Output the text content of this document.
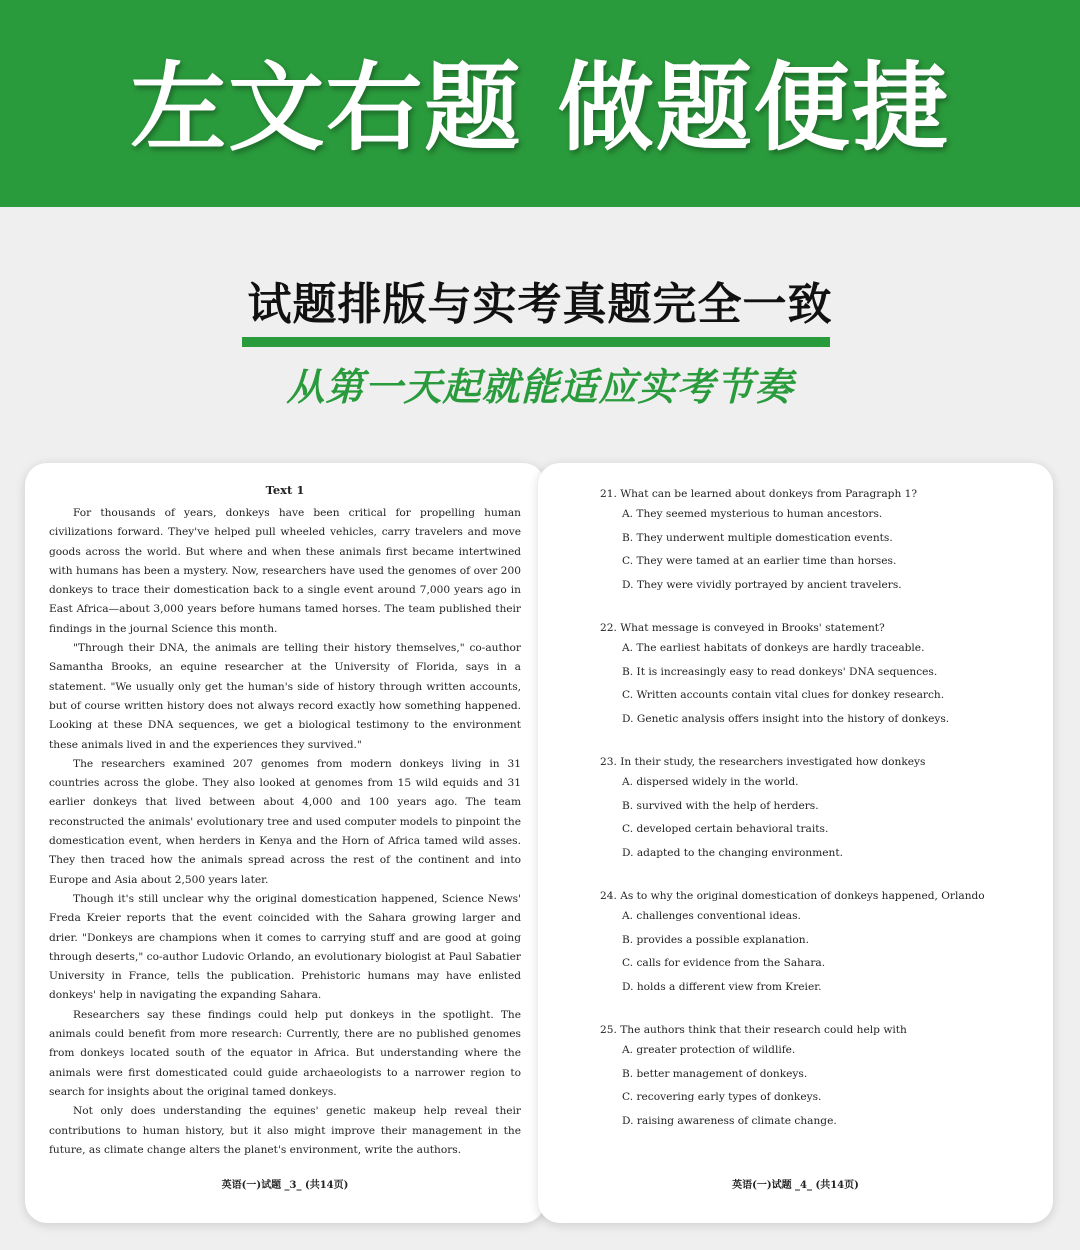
左文右题 做题便捷
试题排版与实考真题完全一致
从第一天起就能适应实考节奏
Text 1

For thousands of years, donkeys have been critical for propelling human civilizations forward. They've helped pull wheeled vehicles, carry travelers and move goods across the world. But where and when these animals first became intertwined with humans has been a mystery. Now, researchers have used the genomes of over 200 donkeys to trace their domestication back to a single event around 7,000 years ago in East Africa—about 3,000 years before humans tamed horses. The team published their findings in the journal Science this month.

"Through their DNA, the animals are telling their history themselves," co-author Samantha Brooks, an equine researcher at the University of Florida, says in a statement. "We usually only get the human's side of history through written accounts, but of course written history does not always record exactly how something happened. Looking at these DNA sequences, we get a biological testimony to the environment these animals lived in and the experiences they survived."

The researchers examined 207 genomes from modern donkeys living in 31 countries across the globe. They also looked at genomes from 15 wild equids and 31 earlier donkeys that lived between about 4,000 and 100 years ago. The team reconstructed the animals' evolutionary tree and used computer models to pinpoint the domestication event, when herders in Kenya and the Horn of Africa tamed wild asses. They then traced how the animals spread across the rest of the continent and into Europe and Asia about 2,500 years later.

Though it's still unclear why the original domestication happened, Science News' Freda Kreier reports that the event coincided with the Sahara growing larger and drier. "Donkeys are champions when it comes to carrying stuff and are good at going through deserts," co-author Ludovic Orlando, an evolutionary biologist at Paul Sabatier University in France, tells the publication. Prehistoric humans may have enlisted donkeys' help in navigating the expanding Sahara.

Researchers say these findings could help put donkeys in the spotlight. The animals could benefit from more research: Currently, there are no published genomes from donkeys located south of the equator in Africa. But understanding where the animals were first domesticated could guide archaeologists to a narrower region to search for insights about the original tamed donkeys.

Not only does understanding the equines' genetic makeup help reveal their contributions to human history, but it also might improve their management in the future, as climate change alters the planet's environment, write the authors.

英语(一)试题 _3_ (共14页)
21. What can be learned about donkeys from Paragraph 1?
A. They seemed mysterious to human ancestors.
B. They underwent multiple domestication events.
C. They were tamed at an earlier time than horses.
D. They were vividly portrayed by ancient travelers.
22. What message is conveyed in Brooks' statement?
A. The earliest habitats of donkeys are hardly traceable.
B. It is increasingly easy to read donkeys' DNA sequences.
C. Written accounts contain vital clues for donkey research.
D. Genetic analysis offers insight into the history of donkeys.
23. In their study, the researchers investigated how donkeys
A. dispersed widely in the world.
B. survived with the help of herders.
C. developed certain behavioral traits.
D. adapted to the changing environment.
24. As to why the original domestication of donkeys happened, Orlando
A. challenges conventional ideas.
B. provides a possible explanation.
C. calls for evidence from the Sahara.
D. holds a different view from Kreier.
25. The authors think that their research could help with
A. greater protection of wildlife.
B. better management of donkeys.
C. recovering early types of donkeys.
D. raising awareness of climate change.
英语(一)试题 _4_ (共14页)
